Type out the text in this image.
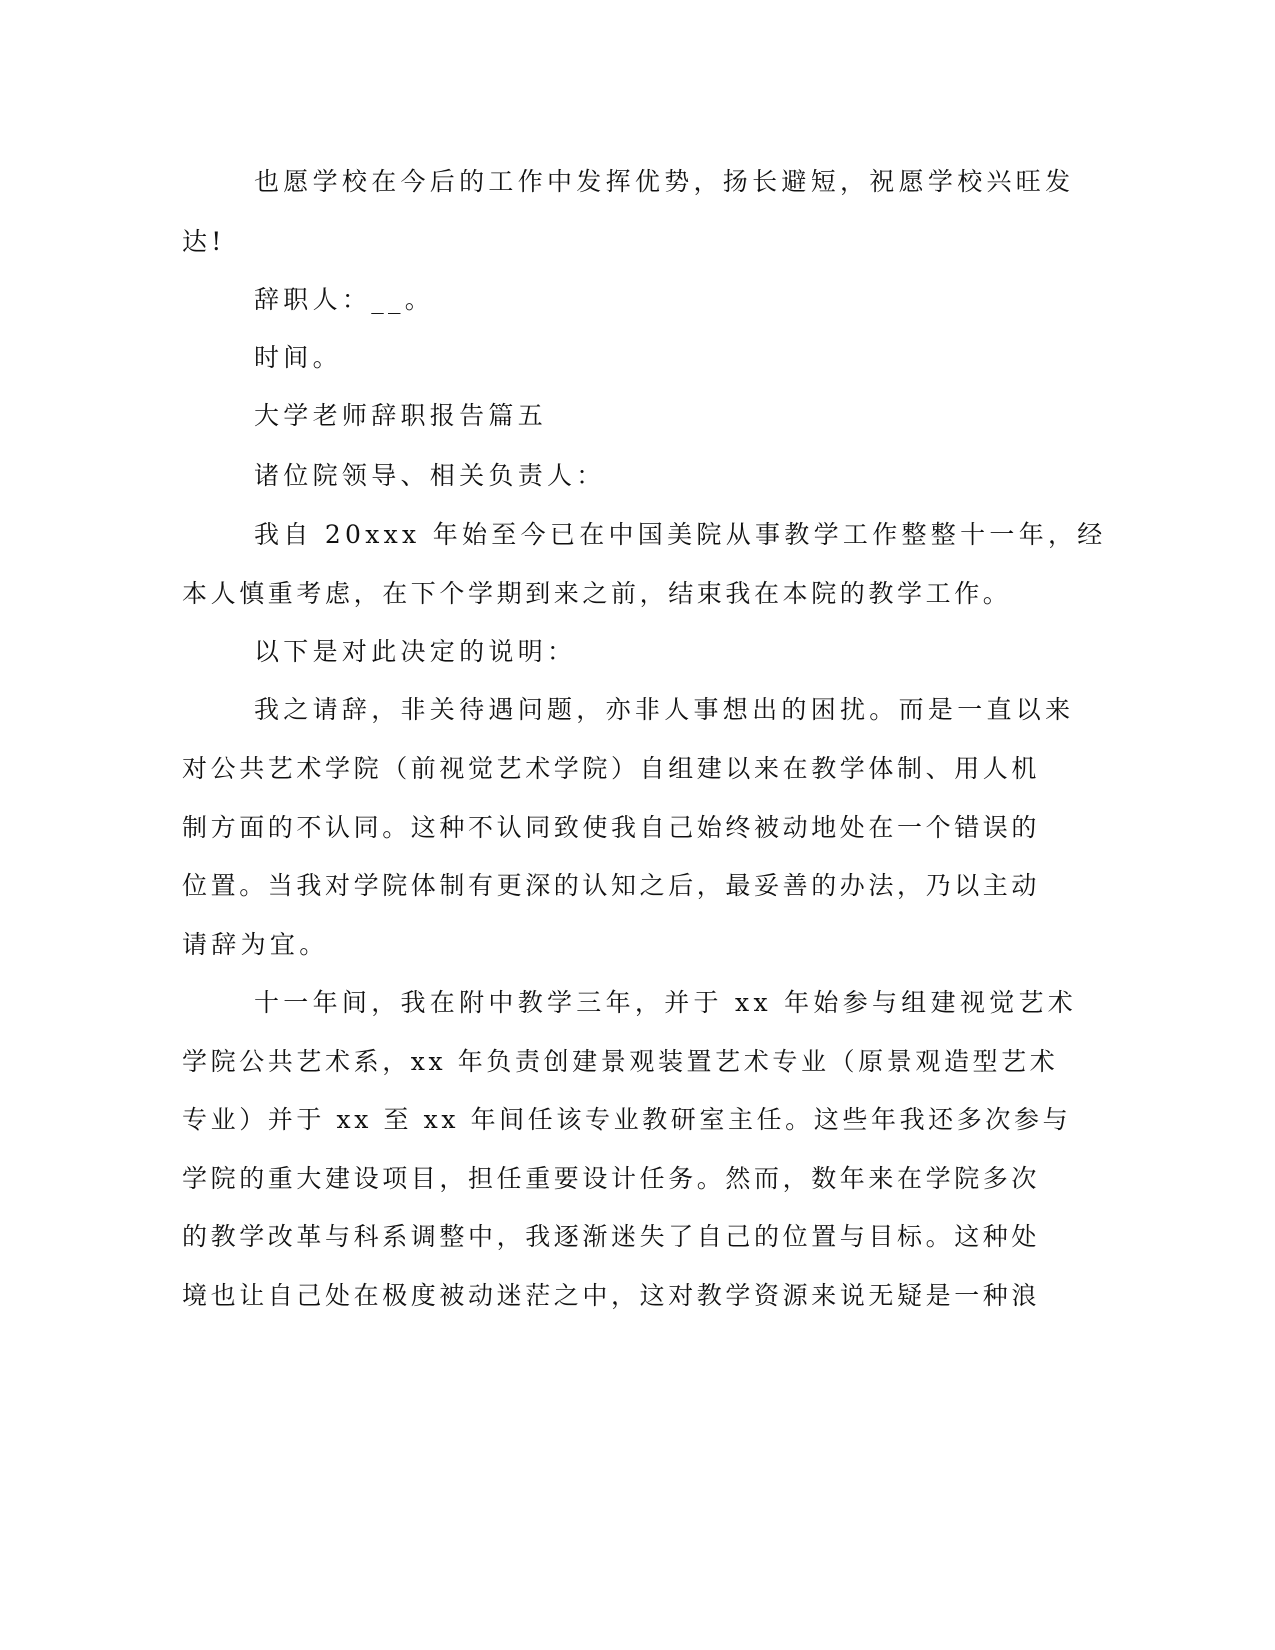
也愿学校在今后的工作中发挥优势，扬长避短，祝愿学校兴旺发
达!
辞职人：__。
时间。
大学老师辞职报告篇五
诸位院领导、相关负责人：
我自 20xxx 年始至今已在中国美院从事教学工作整整十一年，经
本人慎重考虑，在下个学期到来之前，结束我在本院的教学工作。
以下是对此决定的说明：
我之请辞，非关待遇问题，亦非人事想出的困扰。而是一直以来
对公共艺术学院（前视觉艺术学院）自组建以来在教学体制、用人机
制方面的不认同。这种不认同致使我自己始终被动地处在一个错误的
位置。当我对学院体制有更深的认知之后，最妥善的办法，乃以主动
请辞为宜。
十一年间，我在附中教学三年，并于 xx 年始参与组建视觉艺术
学院公共艺术系，xx 年负责创建景观装置艺术专业（原景观造型艺术
专业）并于 xx 至 xx 年间任该专业教研室主任。这些年我还多次参与
学院的重大建设项目，担任重要设计任务。然而，数年来在学院多次
的教学改革与科系调整中，我逐渐迷失了自己的位置与目标。这种处
境也让自己处在极度被动迷茫之中，这对教学资源来说无疑是一种浪
